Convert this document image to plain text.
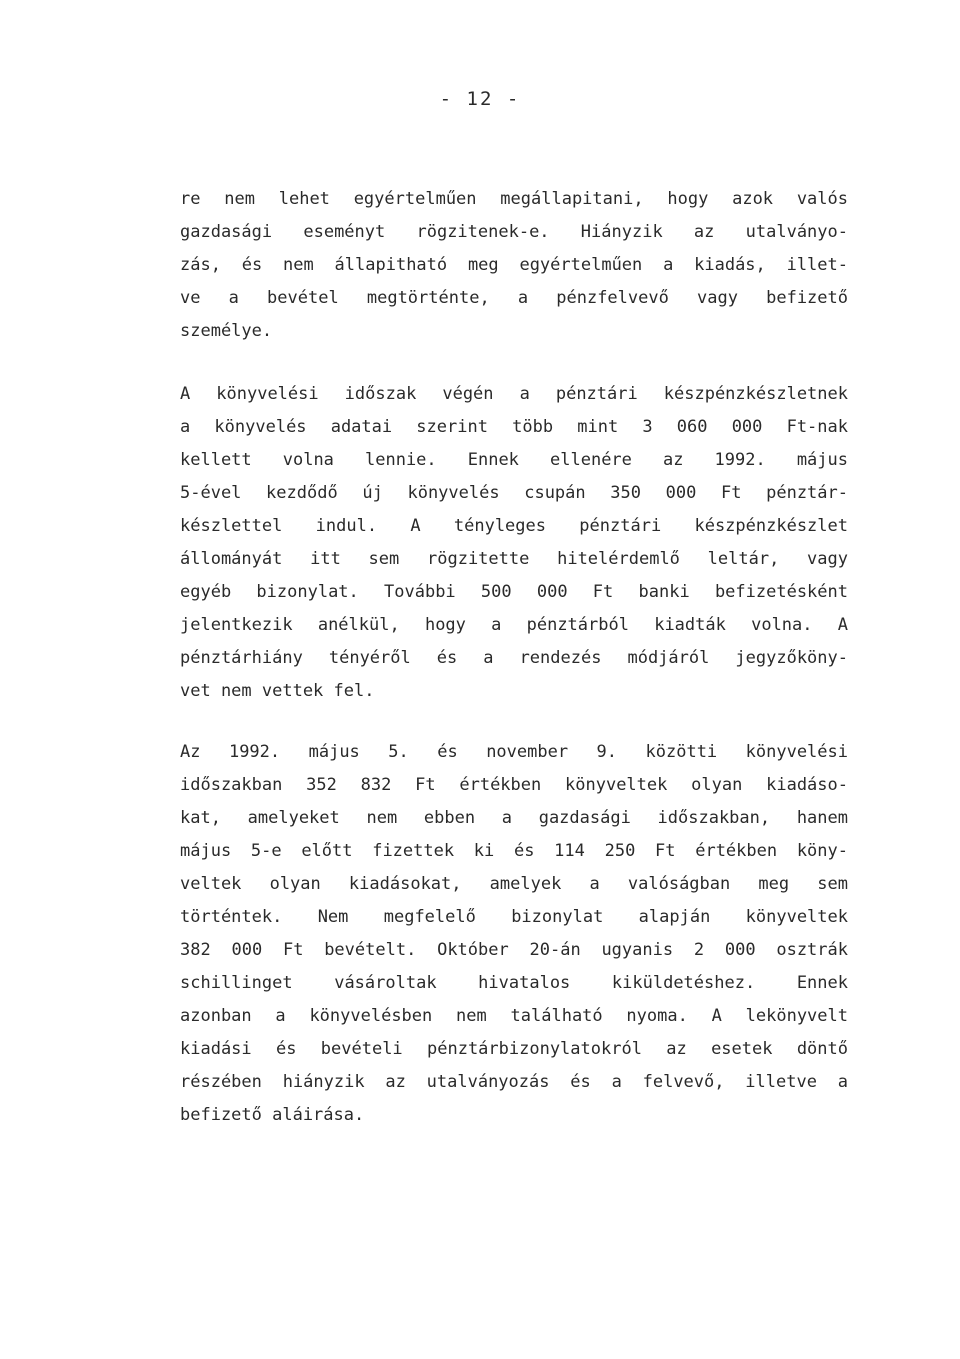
- 12 -
re nem lehet egyértelműen megállapitani, hogy azok valós
gazdasági eseményt rögzitenek-e. Hiányzik az utalványo-
zás, és nem állapitható meg egyértelműen a kiadás, illet-
ve a bevétel megtörténte, a pénzfelvevő vagy befizető
személye.
A könyvelési időszak végén a pénztári készpénzkészletnek
a könyvelés adatai szerint több mint 3 060 000 Ft-nak
kellett volna lennie. Ennek ellenére az 1992. május
5-ével kezdődő új könyvelés csupán 350 000 Ft pénztár-
készlettel indul. A tényleges pénztári készpénzkészlet
állományát itt sem rögzitette hitelérdemlő leltár, vagy
egyéb bizonylat. További 500 000 Ft banki befizetésként
jelentkezik anélkül, hogy a pénztárból kiadták volna. A
pénztárhiány tényéről és a rendezés módjáról jegyzőköny-
vet nem vettek fel.
Az 1992. május 5. és november 9. közötti könyvelési
időszakban 352 832 Ft értékben könyveltek olyan kiadáso-
kat, amelyeket nem ebben a gazdasági időszakban, hanem
május 5-e előtt fizettek ki és 114 250 Ft értékben köny-
veltek olyan kiadásokat, amelyek a valóságban meg sem
történtek. Nem megfelelő bizonylat alapján könyveltek
382 000 Ft bevételt. Október 20-án ugyanis 2 000 osztrák
schillinget vásároltak hivatalos kiküldetéshez. Ennek
azonban a könyvelésben nem található nyoma. A lekönyvelt
kiadási és bevételi pénztárbizonylatokról az esetek döntő
részében hiányzik az utalványozás és a felvevő, illetve a
befizető aláirása.
